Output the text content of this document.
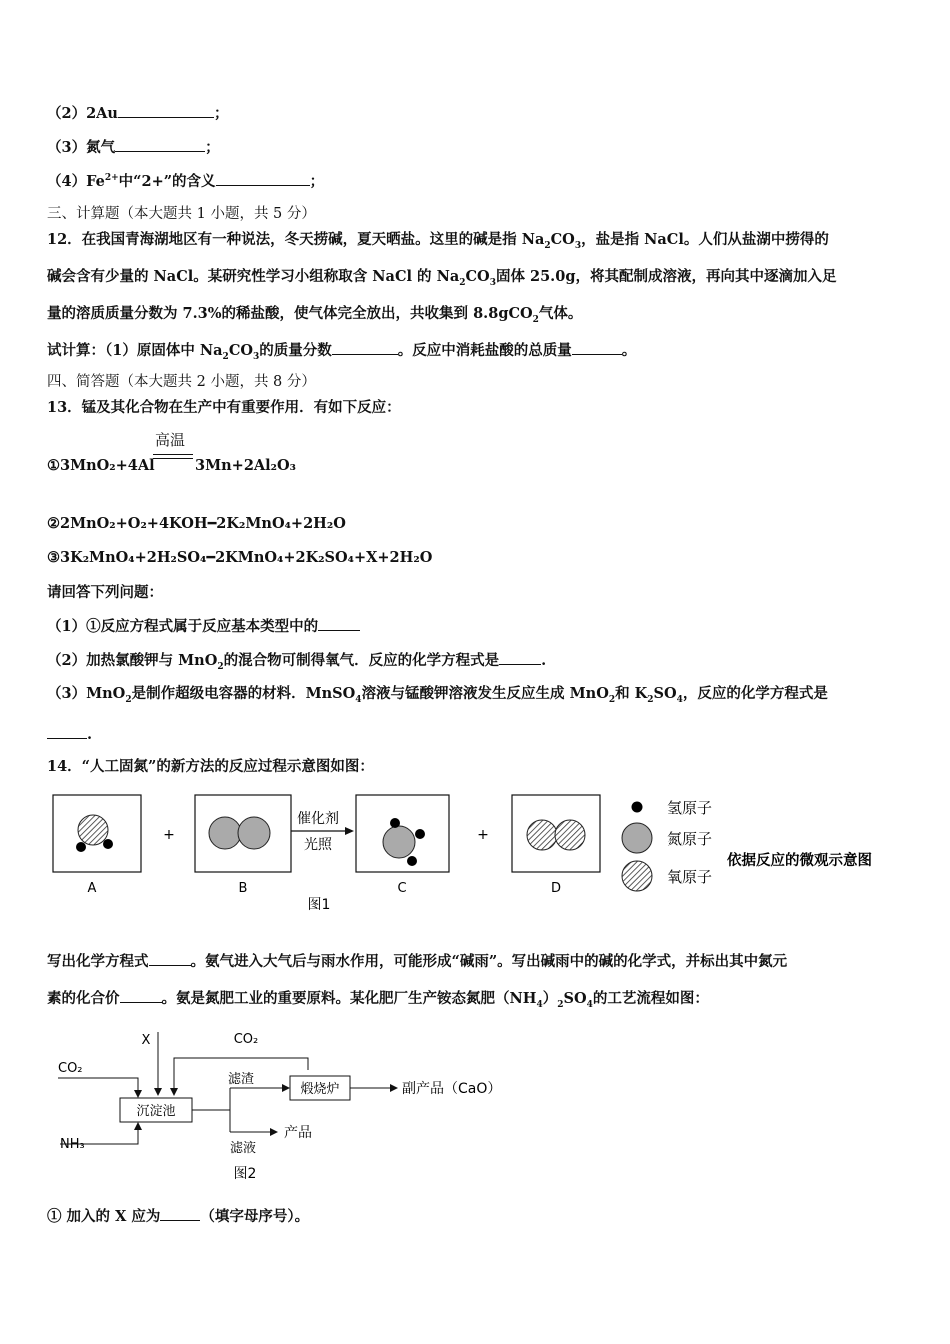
（2）2Au	；
（3）氮气	；
$(4)Fe^{2+}$中“2+”的含义	；
三、计算题（本大题共 1 小题，共 5 分）
12．在我国青海湖地区有一种说法，冬天捞碱，夏天晒盐。这里的碱是指 $Na_2CO_3$，盐是指 NaCl。人们从盐湖中捞得的
碱会含有少量的 NaCl。某研究性学习小组称取含 NaCl 的 $Na_2CO_3$固体 25.0g，将其配制成溶液，再向其中逐滴加入足
量的溶质质量分数为 7.3%的稀盐酸，使气体完全放出，共收集到 8.8gCO$_2$气体。
试计算：（1）原固体中 $Na_2CO_3$的质量分数	。反应中消耗盐酸的总质量	。
四、简答题（本大题共 2 小题，共 8 分）
13．锰及其化合物在生产中有重要作用．有如下反应：
高温
①3MnO₂+4Al	3Mn+2Al₂O₃
②2MnO₂+O₂+4KOH━2K₂MnO₄+2H₂O
③3K₂MnO₄+2H₂SO₄━2KMnO₄+2K₂SO₄+X+2H₂O
请回答下列问题：
（1）①反应方程式属于反应基本类型中的
（2）加热氯酸钾与 MnO$_2$的混合物可制得氧气．反应的化学方程式是	.
（3）MnO$_2$是制作超级电容器的材料．MnSO$_4$溶液与锰酸钾溶液发生反应生成 MnO$_2$和 $K_2SO_4$，反应的化学方程式是
.
14．“人工固氮”的新方法的反应过程示意图如图：
A
+
B
催化剂
光照
C
+
D
图1
氢原子
氮原子
氧原子
依据反应的微观示意图
写出化学方程式	。氨气进入大气后与雨水作用，可能形成“碱雨”。写出碱雨中的碱的化学式，并标出其中氮元
素的化合价	。氨是氮肥工业的重要原料。某化肥厂生产铵态氮肥$(NH_4)_2SO_4$的工艺流程如图：
X	CO₂
CO₂
沉淀池
NH₃
滤渣
煅烧炉	副产品（CaO）
产品
滤液
图2
① 加入的 X 应为	（填字母序号）。
